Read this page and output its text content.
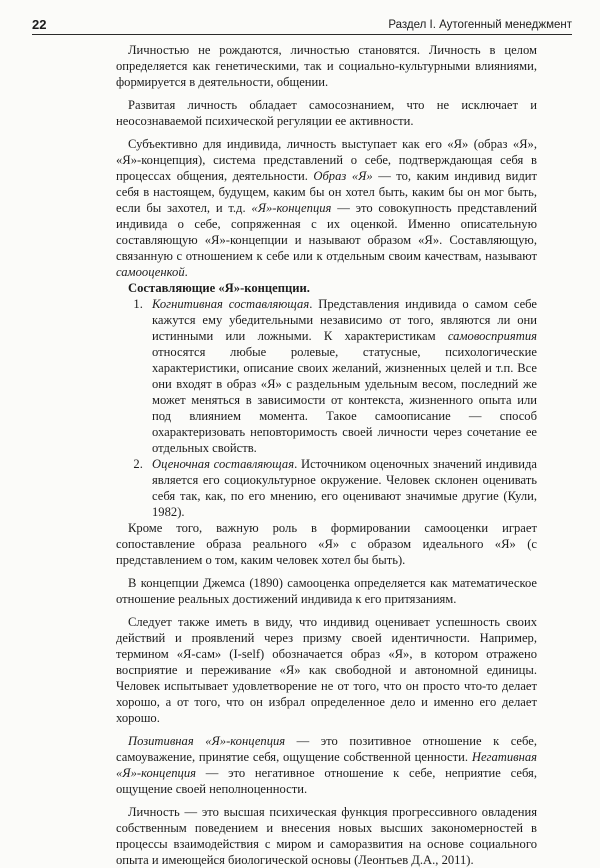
22	Раздел I. Аутогенный менеджмент

Личностью не рождаются, личностью становятся. Личность в целом определяется как генетическими, так и социально-культурными влияниями, формируется в деятельности, общении.

Развитая личность обладает самосознанием, что не исключает и неосознаваемой психической регуляции ее активности.

Субъективно для индивида, личность выступает как его «Я» (образ «Я», «Я»-концепция), система представлений о себе, подтверждающая себя в процессах общения, деятельности. Образ «Я» — то, каким индивид видит себя в настоящем, будущем, каким бы он хотел быть, каким бы он мог быть, если бы захотел, и т.д. «Я»-концепция — это совокупность представлений индивида о себе, сопряженная с их оценкой. Именно описательную составляющую «Я»-концепции и называют образом «Я». Составляющую, связанную с отношением к себе или к отдельным своим качествам, называют самооценкой.

Составляющие «Я»-концепции.

1. Когнитивная составляющая. Представления индивида о самом себе кажутся ему убедительными независимо от того, являются ли они истинными или ложными. К характеристикам самовосприятия относятся любые ролевые, статусные, психологические характеристики, описание своих желаний, жизненных целей и т.п. Все они входят в образ «Я» с раздельным удельным весом, последний же может меняться в зависимости от контекста, жизненного опыта или под влиянием момента. Такое самоописание — способ охарактеризовать неповторимость своей личности через сочетание ее отдельных свойств.
2. Оценочная составляющая. Источником оценочных значений индивида является его социокультурное окружение. Человек склонен оценивать себя так, как, по его мнению, его оценивают значимые другие (Кули, 1982).

Кроме того, важную роль в формировании самооценки играет сопоставление образа реального «Я» с образом идеального «Я» (с представлением о том, каким человек хотел бы быть).

В концепции Джемса (1890) самооценка определяется как математическое отношение реальных достижений индивида к его притязаниям.

Следует также иметь в виду, что индивид оценивает успешность своих действий и проявлений через призму своей идентичности. Например, термином «Я-сам» (I-self) обозначается образ «Я», в котором отражено восприятие и переживание «Я» как свободной и автономной единицы. Человек испытывает удовлетворение не от того, что он просто что-то делает хорошо, а от того, что он избрал определенное дело и именно его делает хорошо.

Позитивная «Я»-концепция — это позитивное отношение к себе, самоуважение, принятие себя, ощущение собственной ценности. Негативная «Я»-концепция — это негативное отношение к себе, неприятие себя, ощущение своей неполноценности.

Личность — это высшая психическая функция прогрессивного овладения собственным поведением и внесения новых высших закономерностей в процессы взаимодействия с миром и саморазвития на основе социального опыта и имеющейся биологической основы (Леонтьев Д.А., 2011).
